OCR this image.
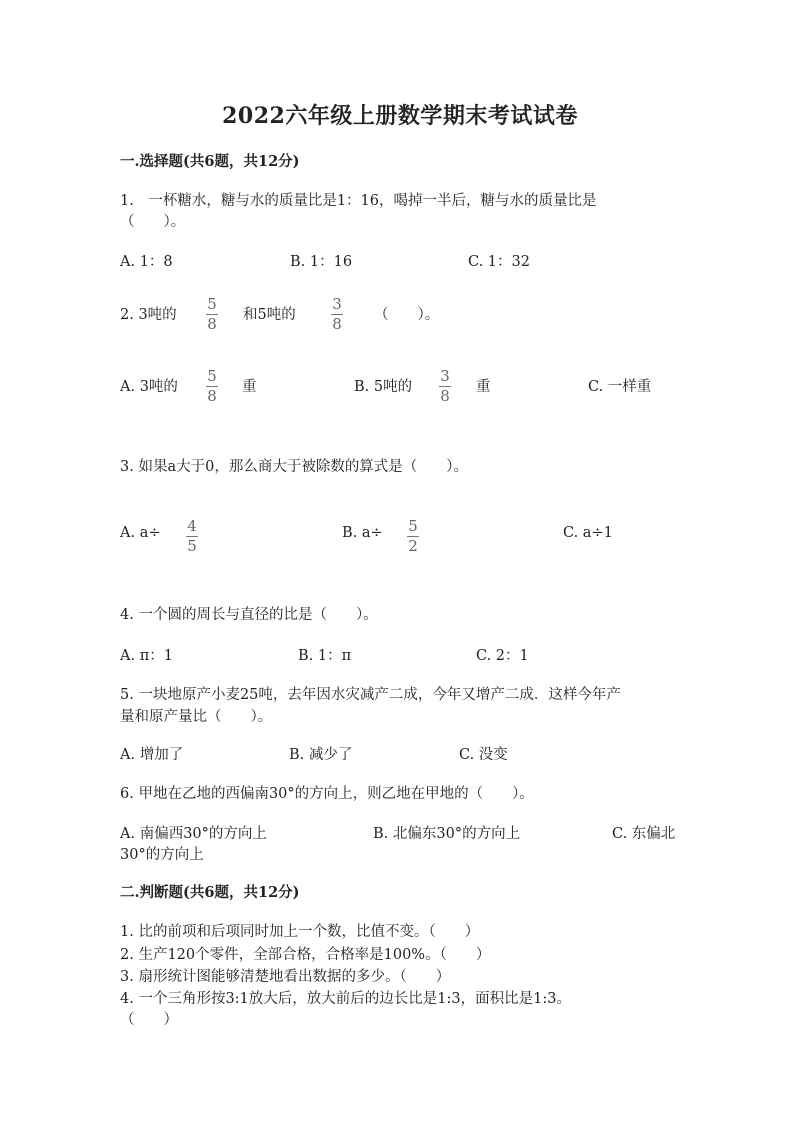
2022六年级上册数学期末考试试卷
一.选择题(共6题，共12分)
1.　一杯糖水，糖与水的质量比是1：16，喝掉一半后，糖与水的质量比是
（　　）。
A. 1：8	B. 1：16	C. 1：32
2. 3吨的
5
8 和5吨的
3
8 （　　）。
A. 3吨的
5
8 重	B. 5吨的
3
8 重	C. 一样重
3. 如果a大于0，那么商大于被除数的算式是（　　）。
A. a÷ 4
5
B. a÷ 5
2
C. a÷1
4. 一个圆的周长与直径的比是（　　）。
A. π：1	B. 1：π	C. 2：1
5. 一块地原产小麦25吨，去年因水灾减产二成，今年又增产二成．这样今年产
量和原产量比（　　）。
A. 增加了	B. 减少了	C. 没变
6. 甲地在乙地的西偏南30°的方向上，则乙地在甲地的（　　）。
A. 南偏西30°的方向上	B. 北偏东30°的方向上	C. 东偏北
30°的方向上
二.判断题(共6题，共12分)
1. 比的前项和后项同时加上一个数，比值不变。（　　）
2. 生产120个零件，全部合格，合格率是100%。（　　）
3. 扇形统计图能够清楚地看出数据的多少。（　　）
4. 一个三角形按3:1放大后，放大前后的边长比是1:3，面积比是1:3。
（　　）
